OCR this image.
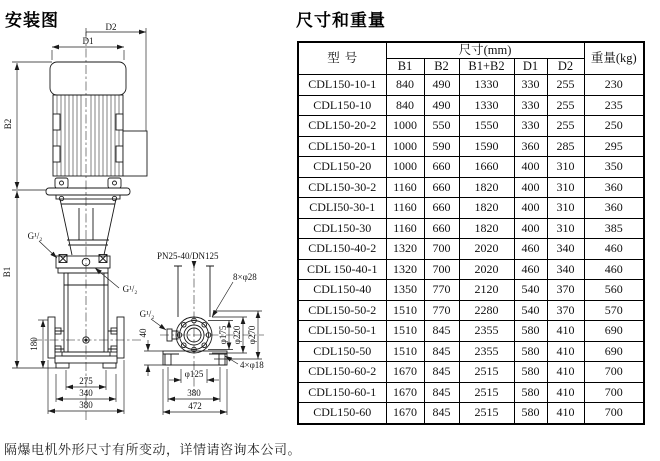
安装图	尺寸和重量
D2
D1
B2
B1
G¹/₂
G¹/₂
G¹/₂
PN25-40/DN125
8×φ28
180
275
340
380
40
φ125
380
472
φ175 φ220 φ270
4×φ18
型号	尺寸(mm)					重量(kg)
	B1	B2	B1+B2	D1	D2	
CDL150-10-1	840	490	1330	330	255	230
CDL150-10	840	490	1330	330	255	235
CDL150-20-2	1000	550	1550	330	255	250
CDL150-20-1	1000	590	1590	360	285	295
CDL150-20	1000	660	1660	400	310	350
CDL150-30-2	1160	660	1820	400	310	360
CDLI50-30-1	1160	660	1820	400	310	360
CDL150-30	1160	660	1820	400	310	385
CDL150-40-2	1320	700	2020	460	340	460
CDL 150-40-1	1320	700	2020	460	340	460
CDL150-40	1350	770	2120	540	370	560
CDL150-50-2	1510	770	2280	540	370	570
CDL150-50-1	1510	845	2355	580	410	690
CDL150-50	1510	845	2355	580	410	690
CDL150-60-2	1670	845	2515	580	410	700
CDL150-60-1	1670	845	2515	580	410	700
CDL150-60	1670	845	2515	580	410	700
隔爆电机外形尺寸有所变动，详情请咨询本公司。
